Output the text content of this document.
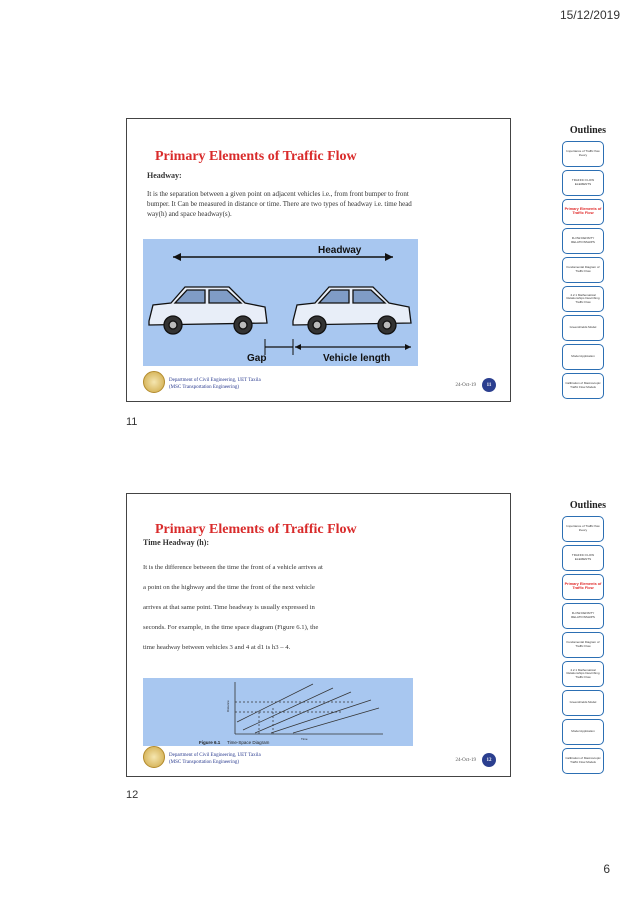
15/12/2019
Primary Elements of Traffic Flow
Headway:
It is the separation between a given point on adjacent vehicles i.e., from front bumper to front bumper. It Can be measured in distance or time. There are two types of headway i.e. time head way(h) and space headway(s).
Headway
Gap	Vehicle length
Outlines
Importance of Traffic flow theory
TRAFFIC FLOW ELEMENTS
Primary Elements of Traffic Flow
FLOW-DENSITY RELATIONSHIPS
Fundamental Diagram of Traffic Flow
4.2.1 Mathematical Relationships Describing Traffic Flow
Greenshields Model
Model Application
Calibration of Macroscopic Traffic Flow Models
Department of Civil Engineering, UET Taxila
(MSC Transportation Engineering)	24-Oct-19	11
11
Primary Elements of Traffic Flow
Time Headway (h):
It is the difference between the time the front of a vehicle arrives at
a point on the highway and the time the front of the next vehicle
arrives at that same point. Time headway is usually expressed in
seconds. For example, in the time space diagram (Figure 6.1), the
time headway between vehicles 3 and 4 at d1 is h3 – 4.
Distance
Time
Figure 6.1 Time-Space Diagram
Outlines
Importance of Traffic flow theory
TRAFFIC FLOW ELEMENTS
Primary Elements of Traffic Flow
FLOW-DENSITY RELATIONSHIPS
Fundamental Diagram of Traffic Flow
4.2.1 Mathematical Relationships Describing Traffic Flow
Greenshields Model
Model Application
Calibration of Macroscopic Traffic Flow Models
Department of Civil Engineering, UET Taxila
(MSC Transportation Engineering)	24-Oct-19	12
12
6
